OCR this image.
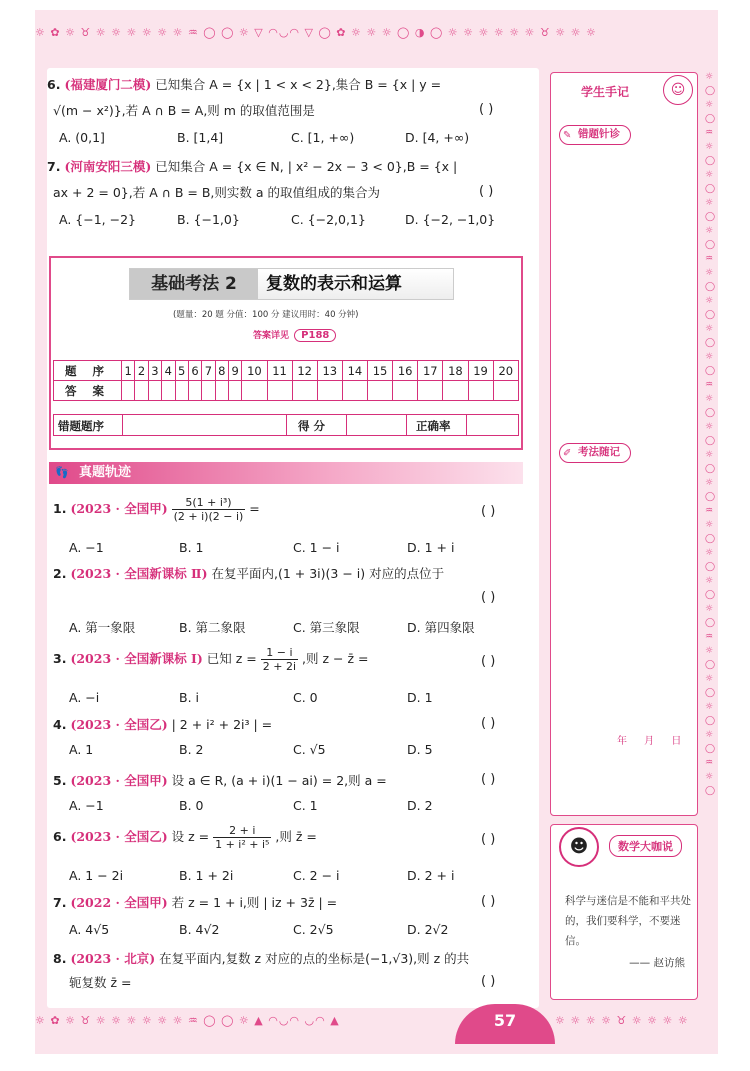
☼ ✿ ☼ ♉ ☼ ☼ ☼ ☼ ☼ ☼ ♒ ◯ ◯ ☼ ▽ ◠◡◠ ▽ ◯ ✿ ☼ ☼ ☼ ◯ ◑ ◯ ☼ ☼ ☼ ☼ ☼ ☼ ♉ ☼ ☼ ☼
☼◯☼◯♒☼◯☼◯☼◯☼◯♒☼◯☼◯☼◯☼◯♒☼◯☼◯☼◯☼◯♒☼◯☼◯☼◯☼◯♒☼◯☼◯☼◯☼◯♒☼◯
6. (福建厦门二模) 已知集合 A = {x | 1 < x < 2},集合 B = {x | y =
√(m − x²)},若 A ∩ B = A,则 m 的取值范围是	( )
A. (0,1]	B. [1,4]	C. [1, +∞)	D. [4, +∞)
7. (河南安阳三模) 已知集合 A = {x ∈ N, | x² − 2x − 3 < 0},B = {x |
ax + 2 = 0},若 A ∩ B = B,则实数 a 的取值组成的集合为	( )
A. {−1, −2}	B. {−1,0}	C. {−2,0,1}	D. {−2, −1,0}
基础考法 2	复数的表示和运算
(题量：20 题 分值：100 分 建议用时：40 分钟)
答案详见 P188
题 序	1	2	3	4	5	6	7	8	9	10	11	12	13	14	15	16	17	18	19	20
答 案																				
错题题序	得 分	正确率
👣 真题轨迹
1. (2023 · 全国甲) $\frac{\text{5(1 + i³)}}{(2 + i)(2 - i)}$ =	( )
A. −1	B. 1	C. 1 − i	D. 1 + i
2. (2023 · 全国新课标 Ⅱ) 在复平面内,(1 + 3i)(3 − i) 对应的点位于
( )
A. 第一象限	B. 第二象限	C. 第三象限	D. 第四象限
3. (2023 · 全国新课标 Ⅰ) 已知 $z = \frac{1 - i}{2 + 2i}$ ,则 z − z̄ =	( )
A. −i	B. i	C. 0	D. 1
4. (2023 · 全国乙) | 2 + i² + 2i³ | =	( )
A. 1	B. 2	C. √5	D. 5
5. (2023 · 全国甲) 设 a ∈ R, (a + i)(1 − ai) = 2,则 a =	( )
A. −1	B. 0	C. 1	D. 2
6. (2023 · 全国乙) 设 $z = \frac{2 + i}{\text{1 + i² + i⁵}}$ ,则 z̄ =	( )
A. 1 − 2i	B. 1 + 2i	C. 2 − i	D. 2 + i
7. (2022 · 全国甲) 若 z = 1 + i,则 | iz + 3z̄ | =	( )
A. 4√5	B. 4√2	C. 2√5	D. 2√2
8. (2023 · 北京) 在复平面内,复数 z 对应的点的坐标是(−1,√3),则 z 的共
轭复数 z̄ =	( )
学生手记	☺
✎ 错题针诊
✐ 考法随记
年 月 日
☻	数学大咖说
科学与迷信是不能和平共处的，我们要科学，不要迷信。
—— 赵访熊
☼ ✿ ☼ ♉ ☼ ☼ ☼ ☼ ☼ ☼ ♒ ◯ ◯ ☼ ▲ ◠◡◠ ◡◠ ▲	☼ ☼ ☼ ☼ ♉ ☼ ☼ ☼ ☼
57
